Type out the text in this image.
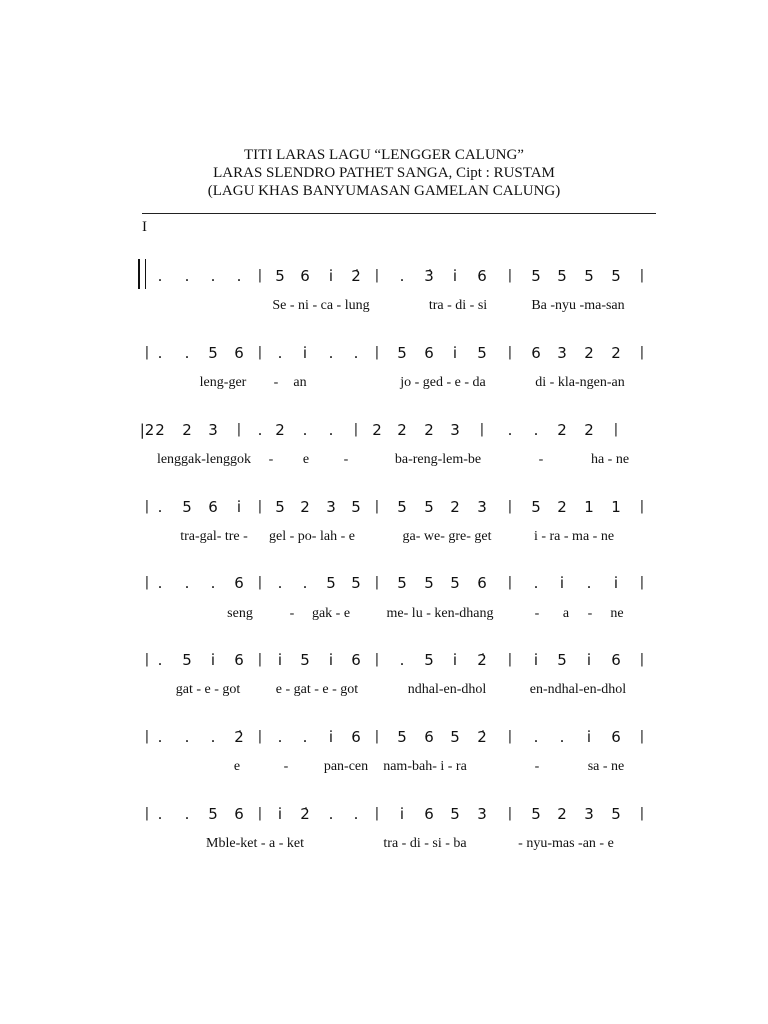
TITI LARAS LAGU “LENGGER CALUNG”
LARAS SLENDRO PATHET SANGA, Cipt : RUSTAM
(LAGU KHAS BANYUMASAN GAMELAN CALUNG)
I
.	.	.	.	| 5 6	i̇	2̇	|	.	3̇	i̇	6	|	5 5 5 5	|
Se - ni - ca - lung	tra - di - si	Ba -nyu -ma-san
| .	.	5 6	|	.	i̇	.	.	|	5 6	i̇	5	|	6 3 2 2	|
leng-ger - an	jo - ged - e - da	di - kla-ngen-an
|2 2 2 3	|	. 2	.	.	| 2 2 2 3	|	.	.	2 2	|
lenggak-lenggok - e -	ba-reng-lem-be	-	ha - ne
| .	5 6	i̇	| 5 2 3 5	|	5 5 2 3	|	5 2 1 1	|
tra-gal- tre - gel - po- lah - e	ga- we- gre- get	i - ra - ma - ne
| .	.	.	6	|	.	.	5 5	|	5 5 5 6	|	.	i̇	.	i̇	|
seng	- gak - e	me- lu - ken-dhang	- a - ne
| .	5	i̇	6	|	i̇	5	i̇	6	|	.	5	i̇	2̇	|	i̇	5	i̇	6	|
gat - e - got	e - gat - e - got	ndhal-en-dhol	en-ndhal-en-dhol
| .	.	.	2̇	|	.	.	i̇	6	|	5 6 5 2̇	|	.	.	i̇	6	|
e	-	pan-cen nam-bah- i - ra	-	sa - ne
| .	.	5 6	|	i̇	2̇	.	.	|	i̇	6 5 3	|	5 2 3 5	|
Mble-ket - a - ket	tra - di - si - ba	- nyu-mas -an - e
